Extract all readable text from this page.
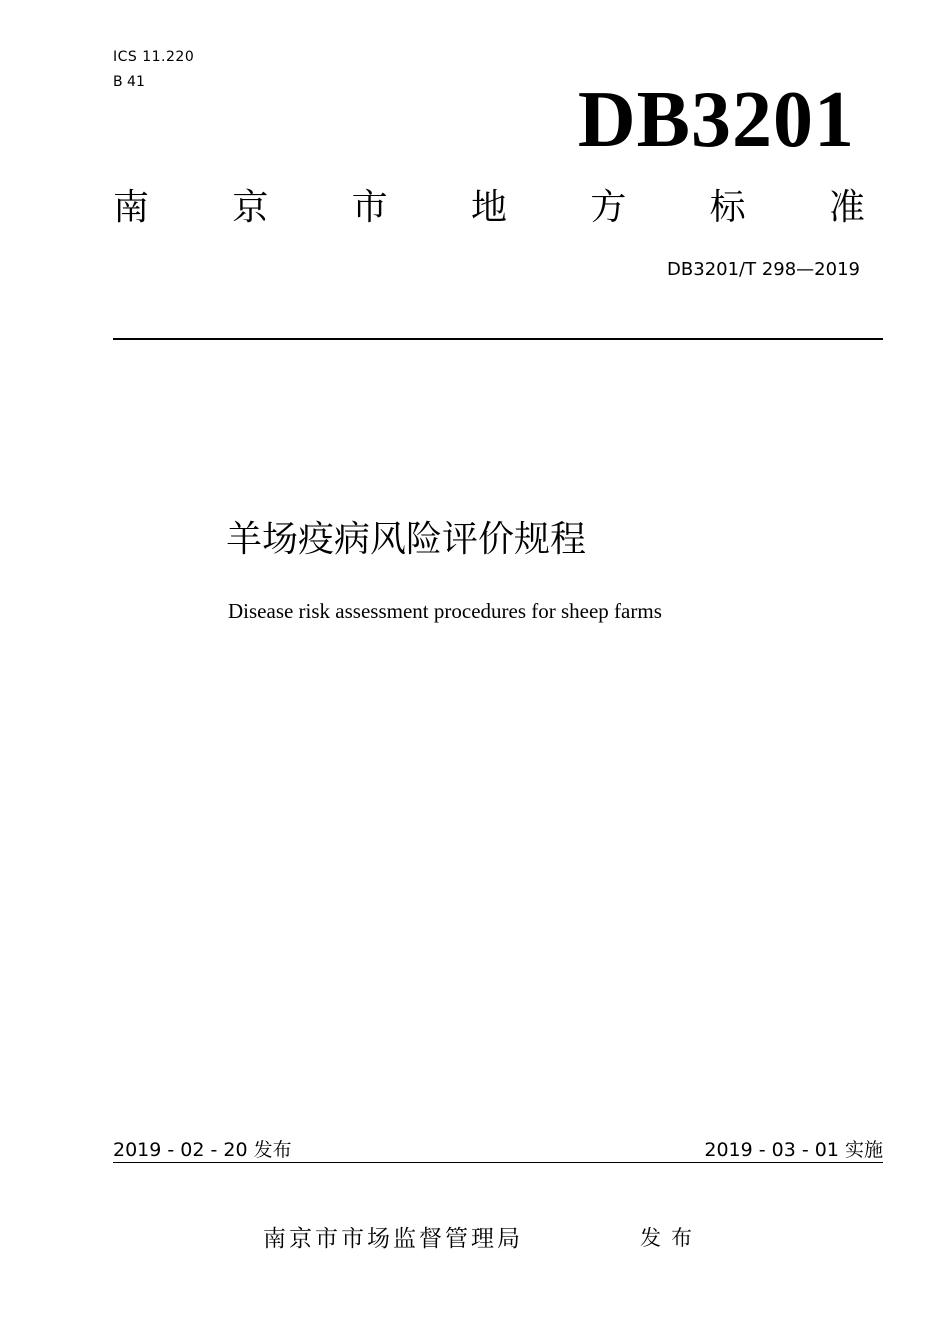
ICS 11.220
B 41	DB3201
南 京 市 地 方 标 准
DB3201/T 298—2019
羊场疫病风险评价规程
Disease risk assessment procedures for sheep farms
2019 - 02 - 20 发布	2019 - 03 - 01 实施
南京市市场监督管理局	发布
